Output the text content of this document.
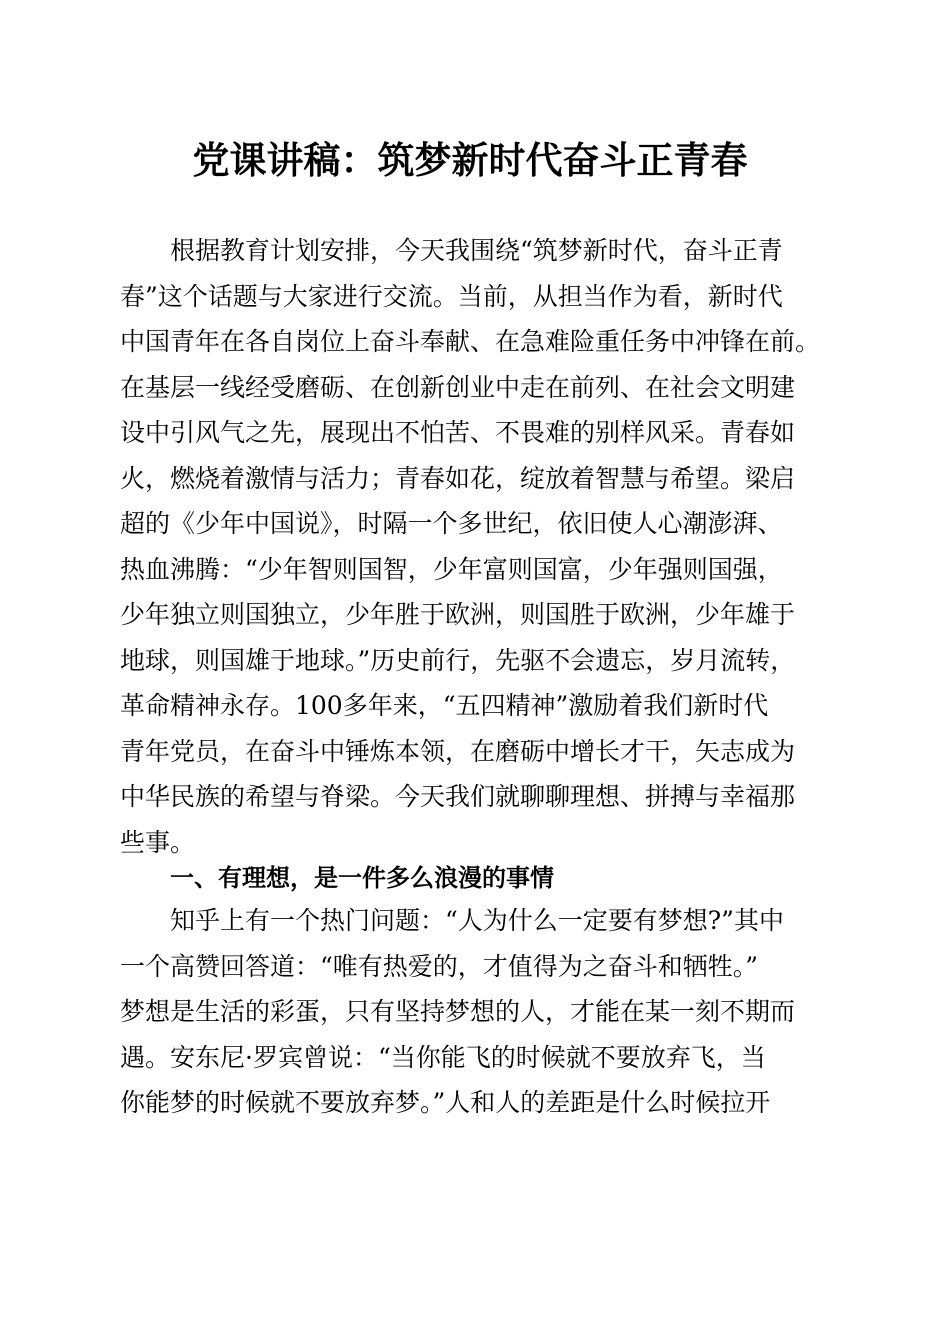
党课讲稿：筑梦新时代奋斗正青春
根据教育计划安排，今天我围绕“筑梦新时代，奋斗正青
春”这个话题与大家进行交流。当前，从担当作为看，新时代
中国青年在各自岗位上奋斗奉献、在急难险重任务中冲锋在前。
在基层一线经受磨砺、在创新创业中走在前列、在社会文明建
设中引风气之先，展现出不怕苦、不畏难的别样风采。青春如
火，燃烧着激情与活力；青春如花，绽放着智慧与希望。梁启
超的《少年中国说》，时隔一个多世纪，依旧使人心潮澎湃、
热血沸腾：“少年智则国智，少年富则国富，少年强则国强，
少年独立则国独立，少年胜于欧洲，则国胜于欧洲，少年雄于
地球，则国雄于地球。”历史前行，先驱不会遗忘，岁月流转，
革命精神永存。100多年来，“五四精神”激励着我们新时代
青年党员，在奋斗中锤炼本领，在磨砺中增长才干，矢志成为
中华民族的希望与脊梁。今天我们就聊聊理想、拼搏与幸福那
些事。
一、有理想，是一件多么浪漫的事情
知乎上有一个热门问题：“人为什么一定要有梦想?”其中
一个高赞回答道：“唯有热爱的，才值得为之奋斗和牺牲。”
梦想是生活的彩蛋，只有坚持梦想的人，才能在某一刻不期而
遇。安东尼·罗宾曾说：“当你能飞的时候就不要放弃飞，当
你能梦的时候就不要放弃梦。”人和人的差距是什么时候拉开
